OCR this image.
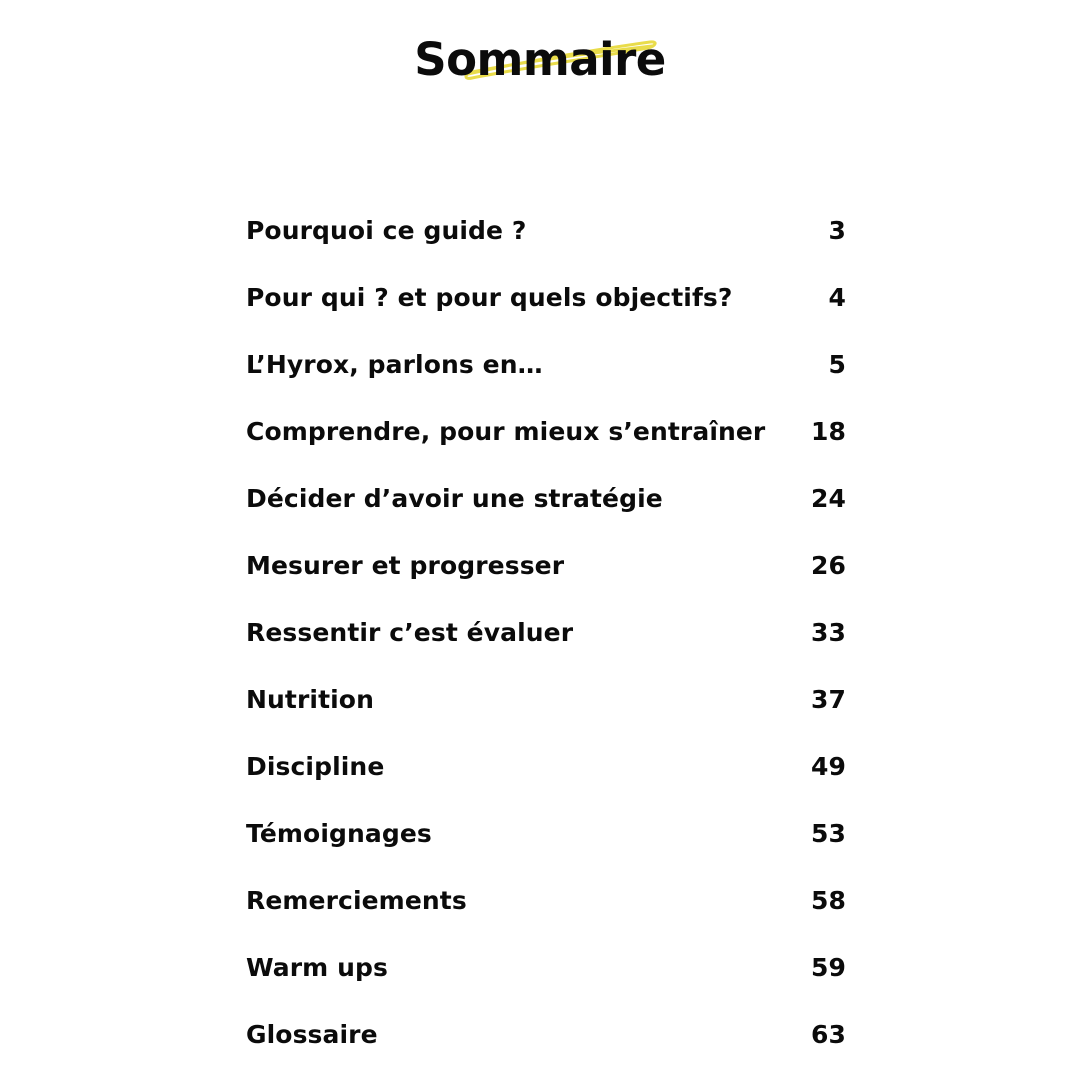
Sommaire
Pourquoi ce guide ?	3
Pour qui ? et pour quels objectifs?	4
L’Hyrox, parlons en…	5
Comprendre, pour mieux s’entraîner 18
Décider d’avoir une stratégie	24
Mesurer et progresser	26
Ressentir c’est évaluer	33
Nutrition	37
Discipline	49
Témoignages	53
Remerciements	58
Warm ups	59
Glossaire	63
